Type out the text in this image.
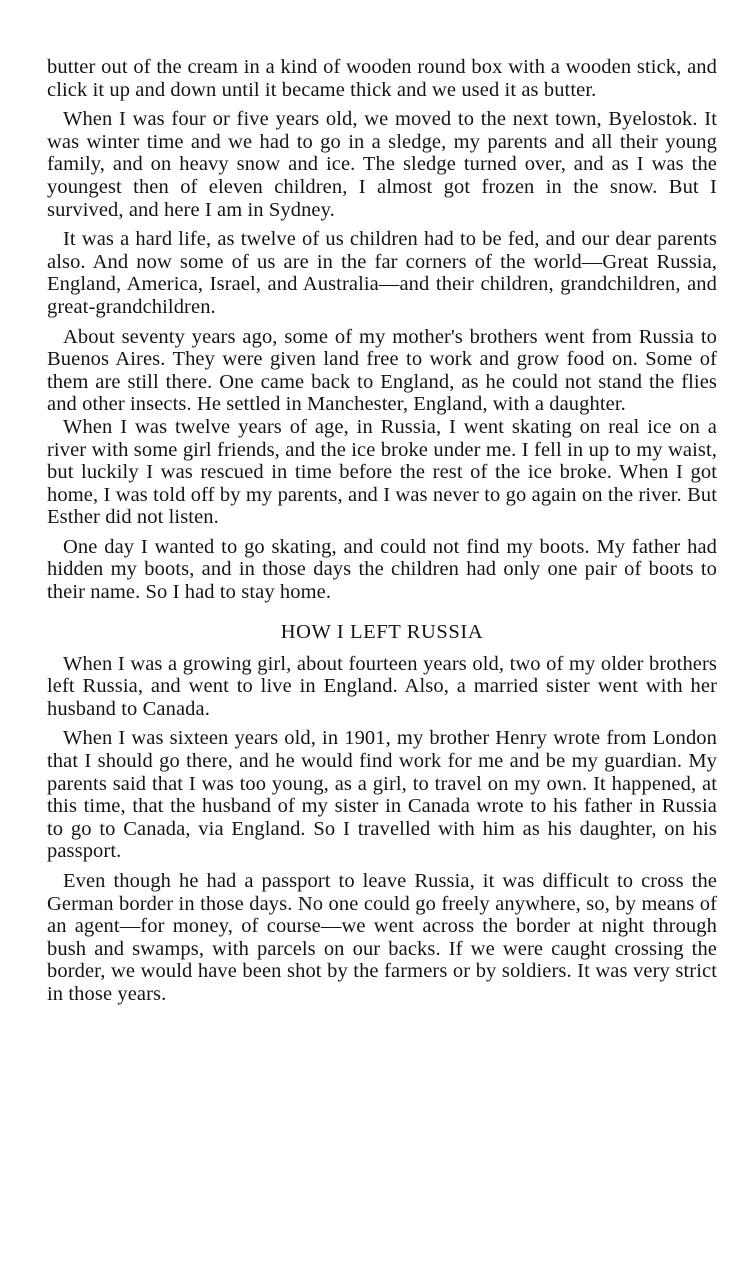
butter out of the cream in a kind of wooden round box with a wooden stick, and click it up and down until it became thick and we used it as butter.

When I was four or five years old, we moved to the next town, Byelostok. It was winter time and we had to go in a sledge, my parents and all their young family, and on heavy snow and ice. The sledge turned over, and as I was the youngest then of eleven children, I almost got frozen in the snow. But I survived, and here I am in Sydney.

It was a hard life, as twelve of us children had to be fed, and our dear parents also. And now some of us are in the far corners of the world—Great Russia, England, America, Israel, and Australia—and their children, grandchildren, and great-grandchildren.

About seventy years ago, some of my mother's brothers went from Russia to Buenos Aires. They were given land free to work and grow food on. Some of them are still there. One came back to England, as he could not stand the flies and other insects. He settled in Manchester, England, with a daughter.

When I was twelve years of age, in Russia, I went skating on real ice on a river with some girl friends, and the ice broke under me. I fell in up to my waist, but luckily I was rescued in time before the rest of the ice broke. When I got home, I was told off by my parents, and I was never to go again on the river. But Esther did not listen.

One day I wanted to go skating, and could not find my boots. My father had hidden my boots, and in those days the children had only one pair of boots to their name. So I had to stay home.

HOW I LEFT RUSSIA

When I was a growing girl, about fourteen years old, two of my older brothers left Russia, and went to live in England. Also, a married sister went with her husband to Canada.

When I was sixteen years old, in 1901, my brother Henry wrote from London that I should go there, and he would find work for me and be my guardian. My parents said that I was too young, as a girl, to travel on my own. It happened, at this time, that the husband of my sister in Canada wrote to his father in Russia to go to Canada, via England. So I travelled with him as his daughter, on his passport.

Even though he had a passport to leave Russia, it was difficult to cross the German border in those days. No one could go freely anywhere, so, by means of an agent—for money, of course—we went across the border at night through bush and swamps, with parcels on our backs. If we were caught crossing the border, we would have been shot by the farmers or by soldiers. It was very strict in those years.
